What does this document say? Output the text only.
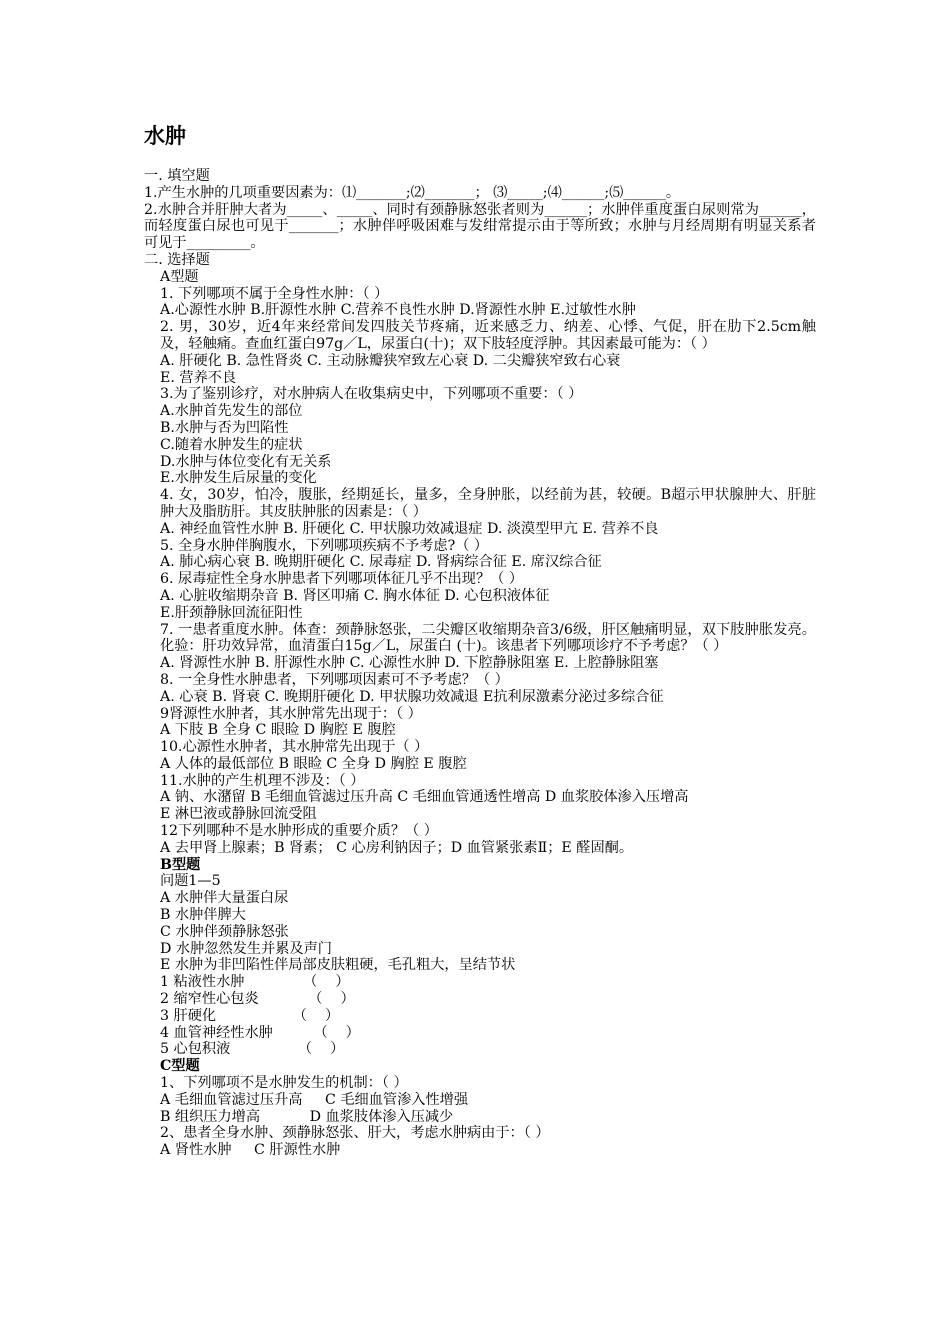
水肿

一. 填空题

1.产生水肿的几项重要因素为：⑴_______;⑵_______； ⑶_____;⑷______;⑸______。

2.水肿合并肝肿大者为_____、_____、同时有颈静脉怒张者则为______；水肿伴重度蛋白尿则常为______，而轻度蛋白尿也可见于_______；水肿伴呼吸困难与发绀常提示由于等所致；水肿与月经周期有明显关系者可见于_________。

二. 选择题

A型题

1. 下列哪项不属于全身性水肿：（ ）

A.心源性水肿 B.肝源性水肿 C.营养不良性水肿 D.肾源性水肿 E.过敏性水肿

2. 男，30岁，近4年来经常间发四肢关节疼痛，近来感乏力、纳差、心悸、气促，肝在肋下2.5cm触及，轻触痛。查血红蛋白97g／L，尿蛋白(十)；双下肢轻度浮肿。其因素最可能为：（ ）

A. 肝硬化 B. 急性肾炎 C. 主动脉瓣狭窄致左心衰 D. 二尖瓣狭窄致右心衰

E. 营养不良

3.为了鉴别诊疗，对水肿病人在收集病史中，下列哪项不重要：（ ）

A.水肿首先发生的部位

B.水肿与否为凹陷性

C.随着水肿发生的症状

D.水肿与体位变化有无关系

E.水肿发生后尿量的变化

4. 女，30岁，怕冷，腹胀，经期延长，量多，全身肿胀，以经前为甚，较硬。B超示甲状腺肿大、肝脏肿大及脂肪肝。其皮肤肿胀的因素是：（ ）

A. 神经血管性水肿 B. 肝硬化 C. 甲状腺功效减退症 D. 淡漠型甲亢 E. 营养不良

5. 全身水肿伴胸腹水，下列哪项疾病不予考虑?（ ）

A. 肺心病心衰 B. 晚期肝硬化 C. 尿毒症 D. 肾病综合征 E. 席汉综合征

6. 尿毒症性全身水肿患者下列哪项体征几乎不出现？（ ）

A. 心脏收缩期杂音 B. 肾区叩痛 C. 胸水体征 D. 心包积液体征

E.肝颈静脉回流征阳性

7. 一患者重度水肿。体查：颈静脉怒张，二尖瓣区收缩期杂音3/6级，肝区触痛明显，双下肢肿胀发亮。化验：肝功效异常，血清蛋白15g／L，尿蛋白 (十)。该患者下列哪项诊疗不予考虑？（ ）

A. 肾源性水肿 B. 肝源性水肿 C. 心源性水肿 D. 下腔静脉阻塞 E. 上腔静脉阻塞

8. 一全身性水肿患者，下列哪项因素可不予考虑？（ ）

A. 心衰 B. 肾衰 C. 晚期肝硬化 D. 甲状腺功效减退 E抗利尿激素分泌过多综合征

9肾源性水肿者，其水肿常先出现于：（ ）

A 下肢 B 全身 C 眼睑 D 胸腔 E 腹腔

10.心源性水肿者，其水肿常先出现于（ ）

A 人体的最低部位 B 眼睑 C 全身 D 胸腔 E 腹腔

11.水肿的产生机理不涉及：（ ）

A 钠、水潴留 B 毛细血管滤过压升高 C 毛细血管通透性增高 D 血浆胶体渗入压增高

E 淋巴液或静脉回流受阻

12下列哪种不是水肿形成的重要介质？（ ）

A 去甲肾上腺素；B 肾素； C 心房利钠因子；D 血管紧张素Ⅱ；E 醛固酮。

B型题

问题1—5

A 水肿伴大量蛋白尿

B 水肿伴脾大

C 水肿伴颈静脉怒张

D 水肿忽然发生并累及声门

E 水肿为非凹陷性伴局部皮肤粗硬，毛孔粗大，呈结节状

1 粘液性水肿             （    ）

2 缩窄性心包炎           （    ）

3 肝硬化                 （    ）

4 血管神经性水肿         （    ）

5 心包积液               （    ）

C型题

1、下列哪项不是水肿发生的机制：（ ）

A 毛细血管滤过压升高     C 毛细血管渗入性增强

B 组织压力增高           D 血浆肢体渗入压减少

2、患者全身水肿、颈静脉怒张、肝大，考虑水肿病由于：（ ）

A 肾性水肿     C 肝源性水肿
